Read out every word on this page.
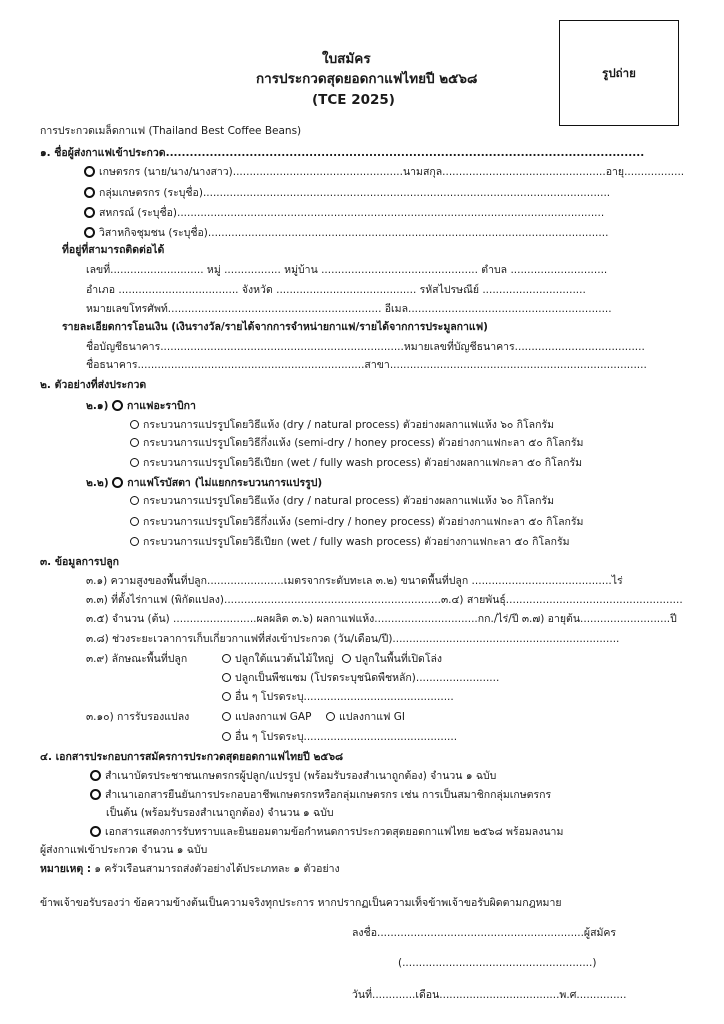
ใบสมัคร
การประกวดสุดยอดกาแฟไทยปี ๒๕๖๘
(TCE 2025)
รูปถ่าย
การประกวดเมล็ดกาแฟ (Thailand Best Coffee Beans)
๑. ชื่อผู้ส่งกาแฟเข้าประกวด........................................................................................................................
เกษตรกร (นาย/นาง/นางสาว)...................................................นามสกุล.................................................อายุ..................
กลุ่มเกษตรกร (ระบุชื่อ)..........................................................................................................................
สหกรณ์ (ระบุชื่อ)................................................................................................................................
วิสาหกิจชุมชน (ระบุชื่อ)........................................................................................................................
ที่อยู่ที่สามารถติดต่อได้
เลขที่............................ หมู่ ................. หมู่บ้าน ............................................... ตำบล .............................
อำเภอ .................................... จังหวัด .......................................... รหัสไปรษณีย์ ...............................
หมายเลขโทรศัพท์................................................................ อีเมล.............................................................
รายละเอียดการโอนเงิน (เงินรางวัล/รายได้จากการจำหน่ายกาแฟ/รายได้จากการประมูลกาแฟ)
ชื่อบัญชีธนาคาร.........................................................................หมายเลขที่บัญชีธนาคาร.......................................
ชื่อธนาคาร....................................................................สาขา.............................................................................
๒. ตัวอย่างที่ส่งประกวด
๒.๑) กาแฟอะราบิกา
กระบวนการแปรรูปโดยวิธีแห้ง (dry / natural process) ตัวอย่างผลกาแฟแห้ง ๖๐ กิโลกรัม
กระบวนการแปรรูปโดยวิธีกึ่งแห้ง (semi-dry / honey process) ตัวอย่างกาแฟกะลา ๕๐ กิโลกรัม
กระบวนการแปรรูปโดยวิธีเปียก (wet / fully wash process) ตัวอย่างผลกาแฟกะลา ๕๐ กิโลกรัม
๒.๒) กาแฟโรบัสตา (ไม่แยกกระบวนการแปรรูป)
กระบวนการแปรรูปโดยวิธีแห้ง (dry / natural process) ตัวอย่างผลกาแฟแห้ง ๖๐ กิโลกรัม
กระบวนการแปรรูปโดยวิธีกึ่งแห้ง (semi-dry / honey process) ตัวอย่างกาแฟกะลา ๕๐ กิโลกรัม
กระบวนการแปรรูปโดยวิธีเปียก (wet / fully wash process) ตัวอย่างกาแฟกะลา ๕๐ กิโลกรัม
๓. ข้อมูลการปลูก
๓.๑) ความสูงของพื้นที่ปลูก.......................เมตรจากระดับทะเล ๓.๒) ขนาดพื้นที่ปลูก ..........................................ไร่
๓.๓) ที่ตั้งไร่กาแฟ (พิกัดแปลง).................................................................๓.๔) สายพันธุ์.....................................................
๓.๕) จำนวน (ต้น) .........................ผลผลิต ๓.๖) ผลกาแฟแห้ง...............................กก./ไร่/ปี ๓.๗) อายุต้น...........................ปี
๓.๘) ช่วงระยะเวลาการเก็บเกี่ยวกาแฟที่ส่งเข้าประกวด (วัน/เดือน/ปี)....................................................................
๓.๙) ลักษณะพื้นที่ปลูก	ปลูกใต้แนวต้นไม้ใหญ่	ปลูกในพื้นที่เปิดโล่ง
ปลูกเป็นพืชแซม (โปรดระบุชนิดพืชหลัก).........................
อื่น ๆ โปรดระบุ.............................................
๓.๑๐) การรับรองแปลง	แปลงกาแฟ GAP	แปลงกาแฟ GI
อื่น ๆ โปรดระบุ..............................................
๔. เอกสารประกอบการสมัครการประกวดสุดยอดกาแฟไทยปี ๒๕๖๘
สำเนาบัตรประชาชนเกษตรกรผู้ปลูก/แปรรูป (พร้อมรับรองสำเนาถูกต้อง) จำนวน ๑ ฉบับ
สำเนาเอกสารยืนยันการประกอบอาชีพเกษตรกรหรือกลุ่มเกษตรกร เช่น การเป็นสมาชิกกลุ่มเกษตรกร
เป็นต้น (พร้อมรับรองสำเนาถูกต้อง) จำนวน ๑ ฉบับ
เอกสารแสดงการรับทราบและยินยอมตามข้อกำหนดการประกวดสุดยอดกาแฟไทย ๒๕๖๘ พร้อมลงนาม
ผู้ส่งกาแฟเข้าประกวด จำนวน ๑ ฉบับ
หมายเหตุ : ๑ ครัวเรือนสามารถส่งตัวอย่างได้ประเภทละ ๑ ตัวอย่าง
ข้าพเจ้าขอรับรองว่า ข้อความข้างต้นเป็นความจริงทุกประการ หากปรากฏเป็นความเท็จข้าพเจ้าขอรับผิดตามกฎหมาย
ลงชื่อ..............................................................ผู้สมัคร
(.........................................................)
วันที่.............เดือน....................................พ.ศ...............
